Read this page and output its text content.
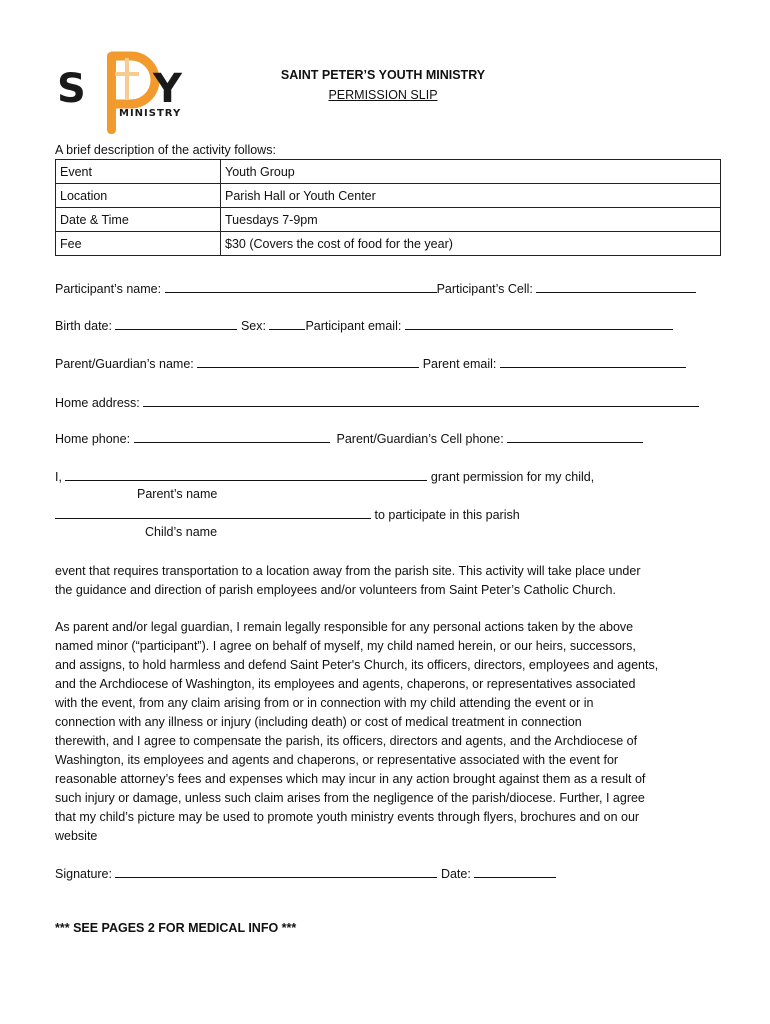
S Y
MINISTRY
SAINT PETER’S YOUTH MINISTRY
PERMISSION SLIP
A brief description of the activity follows:
Event	Youth Group
Location	Parish Hall or Youth Center
Date & Time	Tuesdays 7-9pm
Fee	$30 (Covers the cost of food for the year)
Participant’s name:	Participant’s Cell:
Birth date:	Sex:	Participant email:
Parent/Guardian’s name:	Parent email:
Home address:
Home phone:	Parent/Guardian’s Cell phone:
I,	grant permission for my child,
Parent’s name
to participate in this parish
Child’s name
event that requires transportation to a location away from the parish site. This activity will take place under
the guidance and direction of parish employees and/or volunteers from Saint Peter’s Catholic Church.
As parent and/or legal guardian, I remain legally responsible for any personal actions taken by the above
named minor (“participant”). I agree on behalf of myself, my child named herein, or our heirs, successors,
and assigns, to hold harmless and defend Saint Peter's Church, its officers, directors, employees and agents,
and the Archdiocese of Washington, its employees and agents, chaperons, or representatives associated
with the event, from any claim arising from or in connection with my child attending the event or in
connection with any illness or injury (including death) or cost of medical treatment in connection
therewith, and I agree to compensate the parish, its officers, directors and agents, and the Archdiocese of
Washington, its employees and agents and chaperons, or representative associated with the event for
reasonable attorney’s fees and expenses which may incur in any action brought against them as a result of
such injury or damage, unless such claim arises from the negligence of the parish/diocese. Further, I agree
that my child’s picture may be used to promote youth ministry events through flyers, brochures and on our
website
Signature:	Date:
*** SEE PAGES 2 FOR MEDICAL INFO ***
